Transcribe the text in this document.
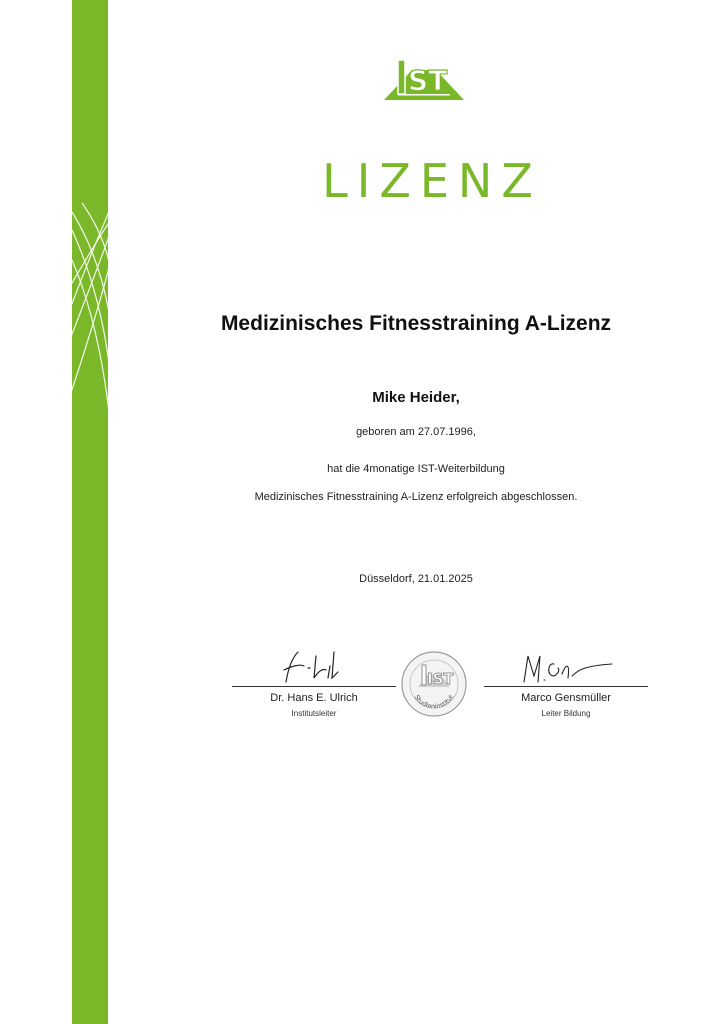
ST
LIZENZ
Medizinisches Fitnesstraining A-Lizenz
Mike Heider,
geboren am 27.07.1996,
hat die 4monatige IST-Weiterbildung
Medizinisches Fitnesstraining A-Lizenz erfolgreich abgeschlossen.
Düsseldorf, 21.01.2025
Dr. Hans E. Ulrich
Institutsleiter
IST
Studieninstitut	Marco Gensmüller
Leiter Bildung
